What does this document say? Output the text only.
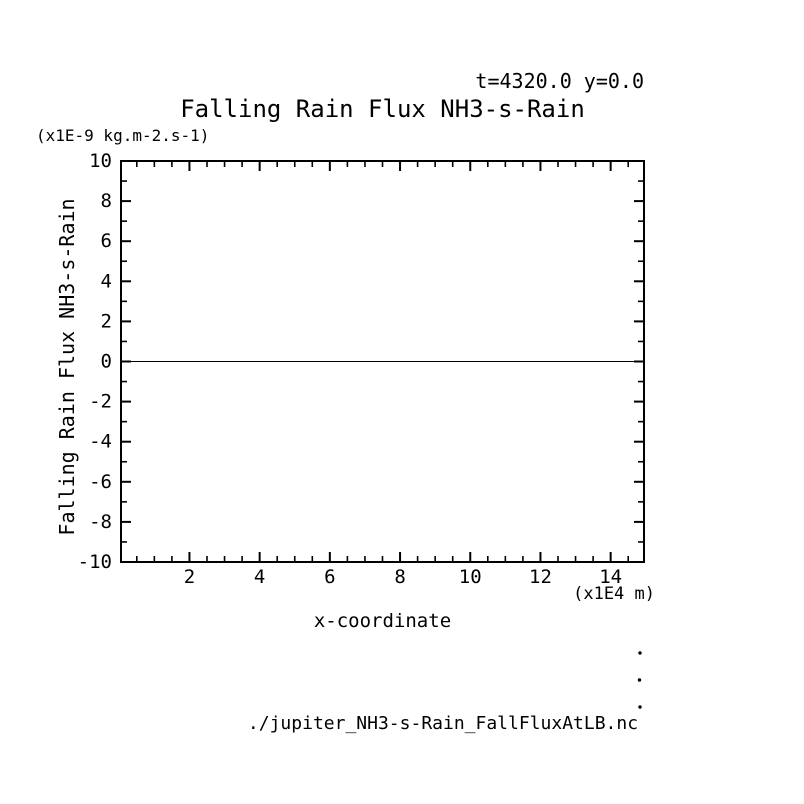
t=4320.0 y=0.0
Falling Rain Flux NH3-s-Rain
(x1E-9 kg.m-2.s-1)
Falling Rain Flux NH3-s-Rain
(x1E4 m)
x-coordinate
./jupiter_NH3-s-Rain_FallFluxAtLB.nc
2	4	6	8	10 12 14
-10
-8
-6
-4
-2
0
2
4
6
8
10
